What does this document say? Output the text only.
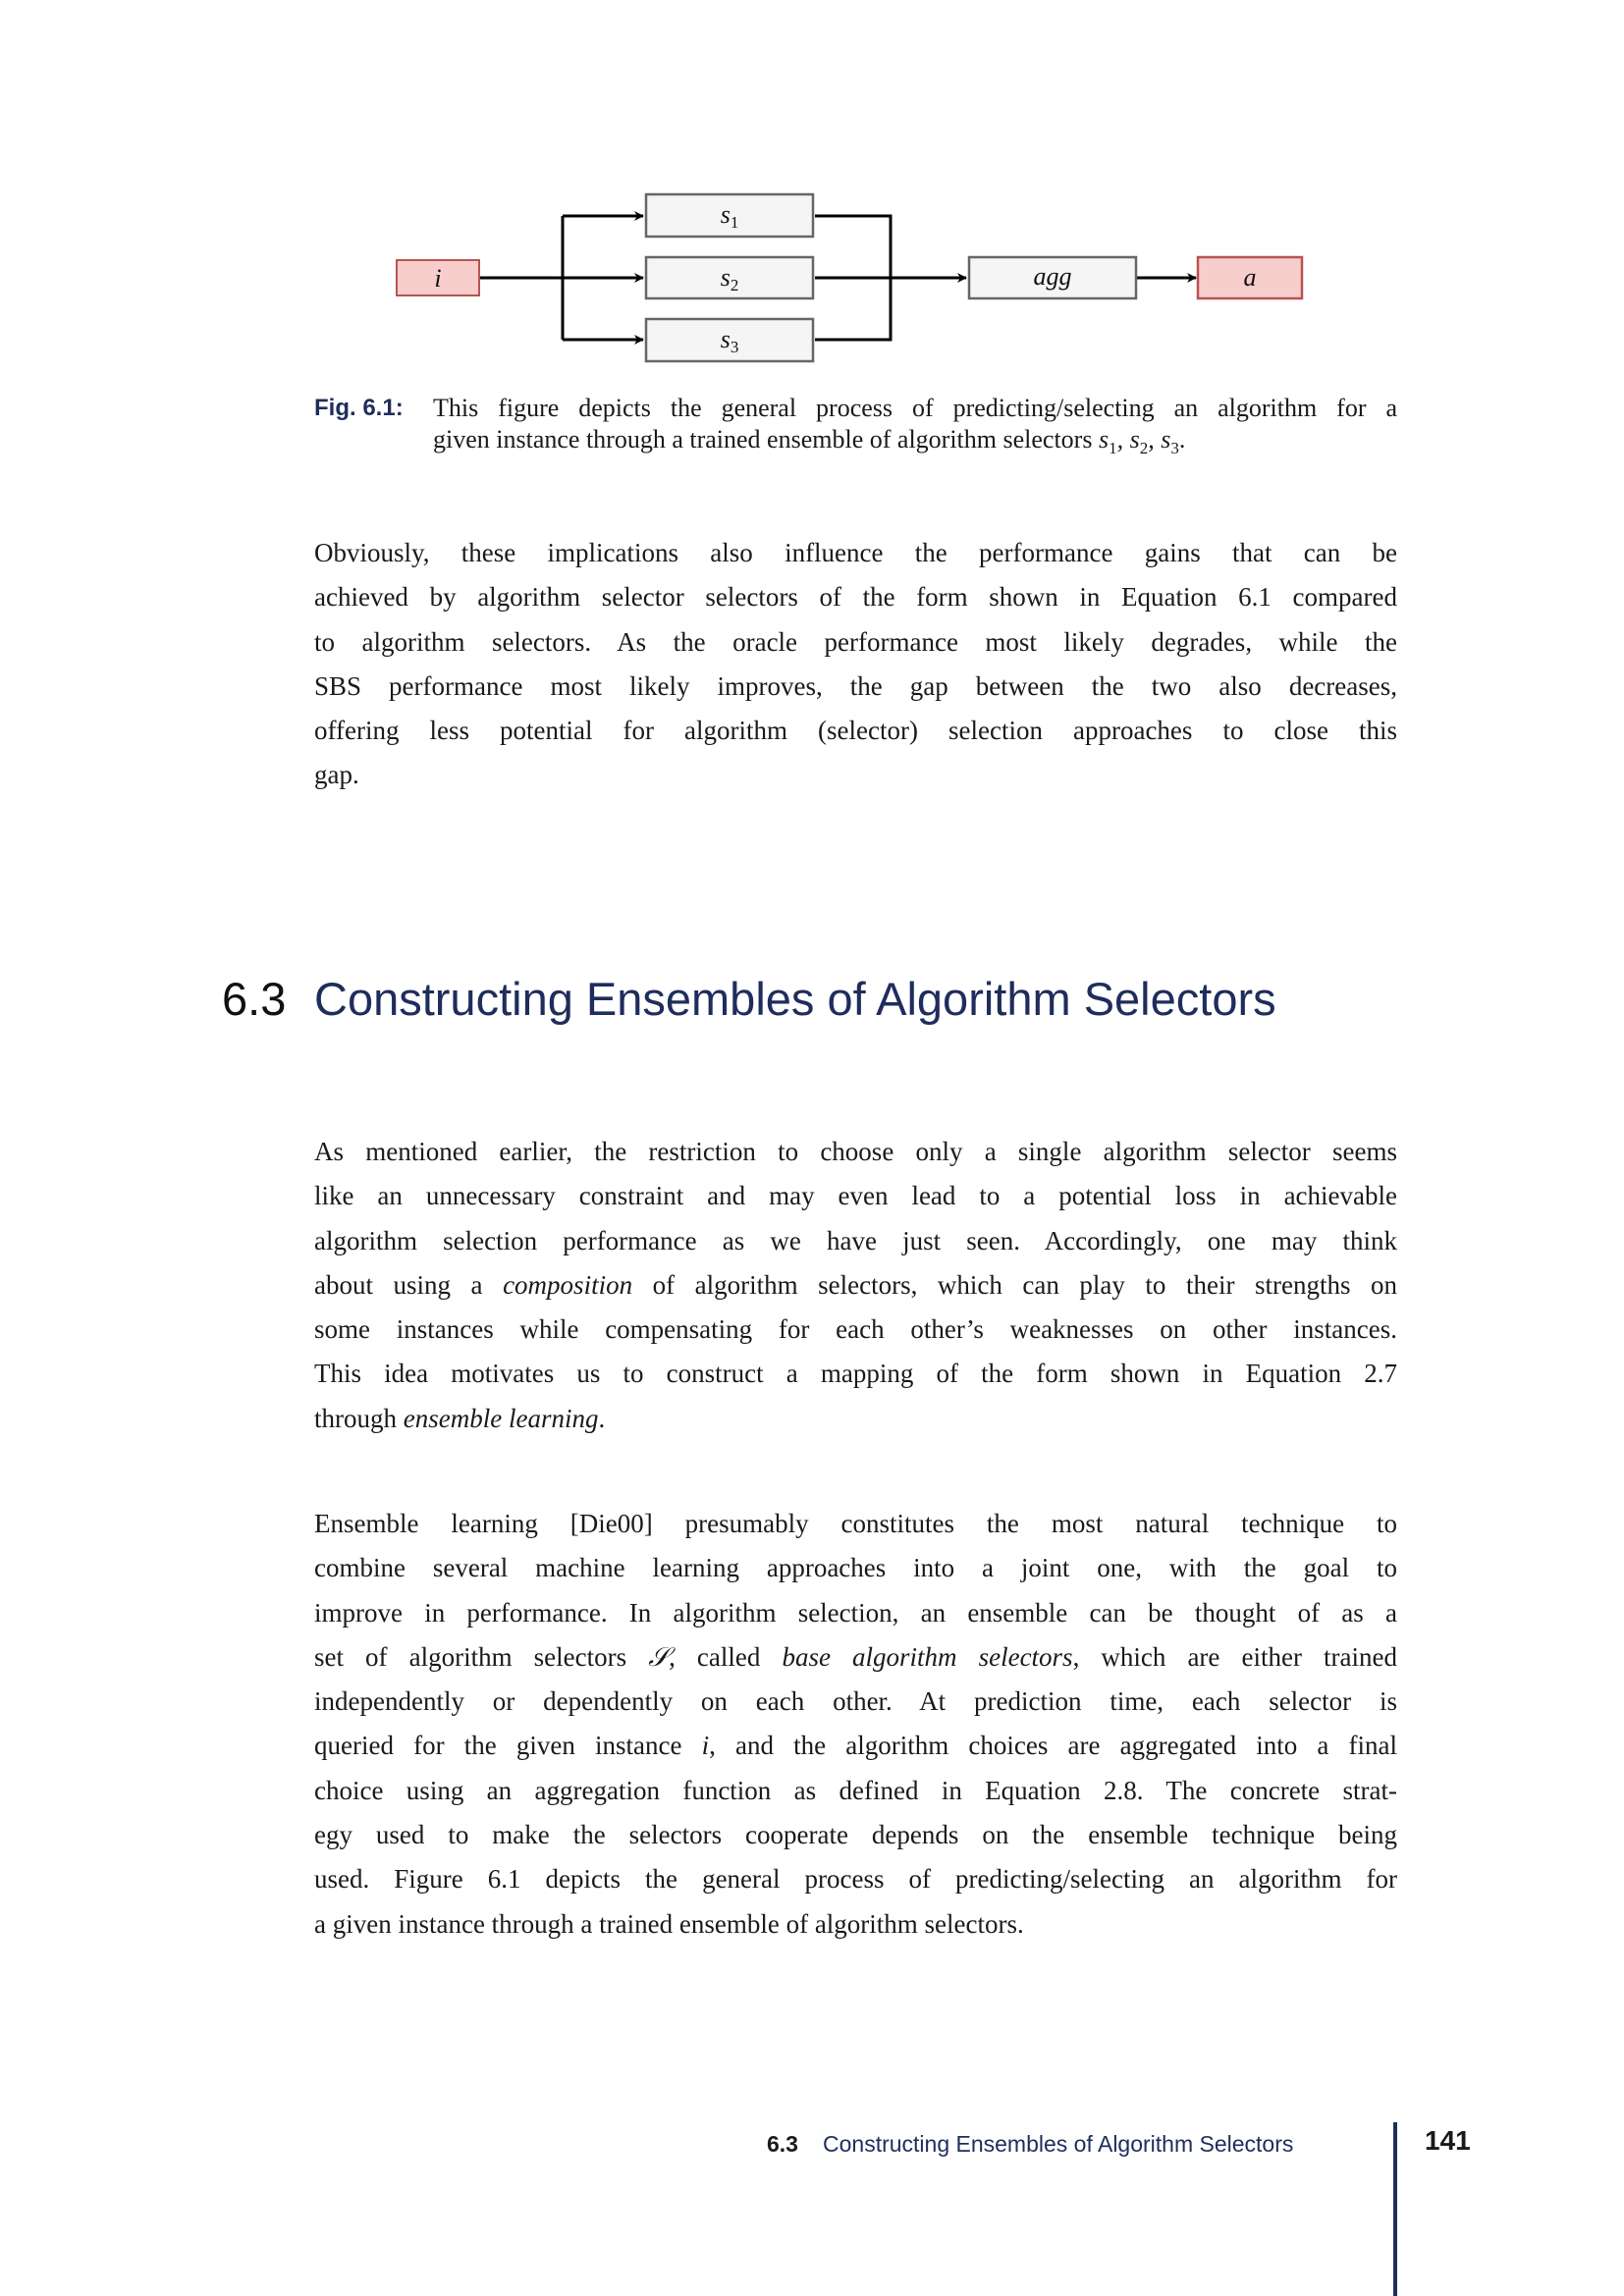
i
s1
s2
s3
agg	a
Fig. 6.1: This figure depicts the general process of predicting/selecting an algorithm for a
given instance through a trained ensemble of algorithm selectors $s_1$, $s_2$, $s_3$.
Obviously, these implications also influence the performance gains that can be
achieved by algorithm selector selectors of the form shown in Equation 6.1 compared
to algorithm selectors. As the oracle performance most likely degrades, while the
SBS performance most likely improves, the gap between the two also decreases,
offering less potential for algorithm (selector) selection approaches to close this
gap.
6.3 Constructing Ensembles of Algorithm Selectors
As mentioned earlier, the restriction to choose only a single algorithm selector seems
like an unnecessary constraint and may even lead to a potential loss in achievable
algorithm selection performance as we have just seen. Accordingly, one may think
about using a composition of algorithm selectors, which can play to their strengths on
some instances while compensating for each other’s weaknesses on other instances.
This idea motivates us to construct a mapping of the form shown in Equation 2.7
through ensemble learning.
Ensemble learning [Die00] presumably constitutes the most natural technique to
combine several machine learning approaches into a joint one, with the goal to
improve in performance. In algorithm selection, an ensemble can be thought of as a
set of algorithm selectors 𝒮, called base algorithm selectors, which are either trained
independently or dependently on each other. At prediction time, each selector is
queried for the given instance i, and the algorithm choices are aggregated into a final
choice using an aggregation function as defined in Equation 2.8. The concrete strat-
egy used to make the selectors cooperate depends on the ensemble technique being
used. Figure 6.1 depicts the general process of predicting/selecting an algorithm for
a given instance through a trained ensemble of algorithm selectors.
6.3 Constructing Ensembles of Algorithm Selectors	141
